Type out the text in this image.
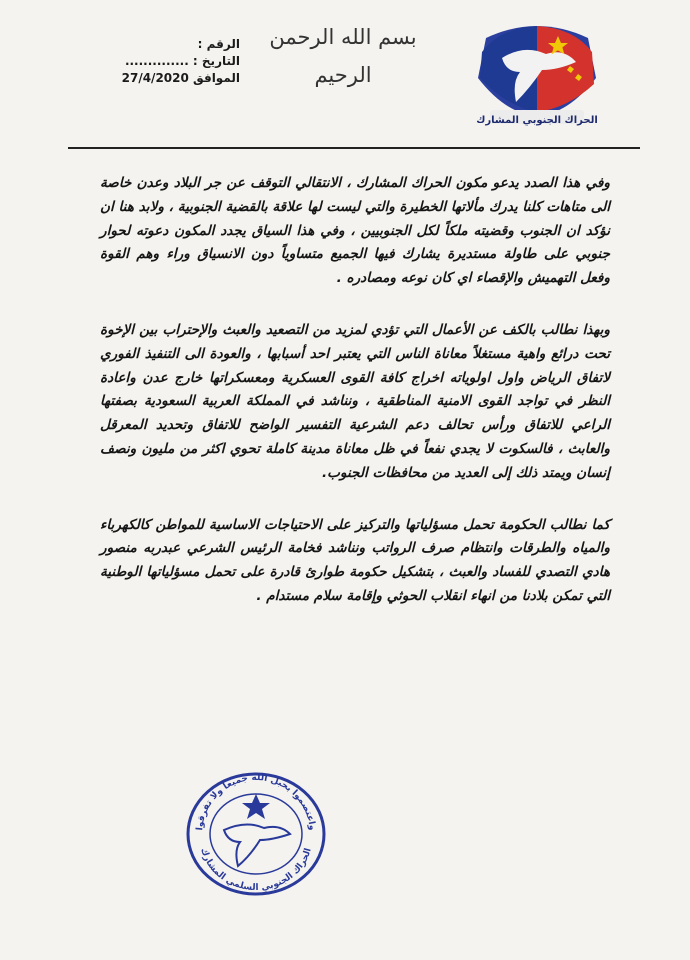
الحراك الجنوبي المشارك
بسم الله الرحمن الرحيم
الرقم :
التاريخ : ..............
الموافق 27/4/2020

وفي هذا الصدد يدعو مكون الحراك المشارك ، الانتقالي التوقف عن جر البلاد وعدن خاصة الى متاهات كلنا يدرك مألاتها الخطيرة والتي ليست لها علاقة بالقضية الجنوبية ، ولابد هنا ان نؤكد ان الجنوب وقضيته ملكاً لكل الجنوبيين ، وفي هذا السياق يجدد المكون دعوته لحوار جنوبي على طاولة مستديرة يشارك فيها الجميع متساوياً دون الانسياق وراء وهم القوة وفعل التهميش والإقصاء اي كان نوعه ومصادره .

وبهذا نطالب بالكف عن الأعمال التي تؤدي لمزيد من التصعيد والعبث والإحتراب بين الإخوة تحت درائع واهية مستغلاً معاناة الناس التي يعتبر احد أسبابها ، والعودة الى التنفيذ الفوري لاتفاق الرياض واول اولوياته اخراج كافة القوى العسكرية ومعسكراتها خارج عدن واعادة النظر في تواجد القوى الامنية المناطقية ، ونناشد في المملكة العربية السعودية بصفتها الراعي للاتفاق ورأس تحالف دعم الشرعية التفسير الواضح للاتفاق وتحديد المعرقل والعابث ، فالسكوت لا يجدي نفعاً في ظل معاناة مدينة كاملة تحوي اكثر من مليون ونصف إنسان ويمتد ذلك إلى العديد من محافظات الجنوب.

كما نطالب الحكومة تحمل مسؤلياتها والتركيز على الاحتياجات الاساسية للمواطن كالكهرباء والمياه والطرقات وانتظام صرف الرواتب ونناشد فخامة الرئيس الشرعي عبدربه منصور هادي التصدي للفساد والعبث ، بتشكيل حكومة طوارئ قادرة على تحمل مسؤلياتها الوطنية التي تمكن بلادنا من انهاء انقلاب الحوثي وإقامة سلام مستدام .

واعتصموا بحبل الله جميعاً ولا تفرقوا
الحراك الجنوبي السلمي المشارك
